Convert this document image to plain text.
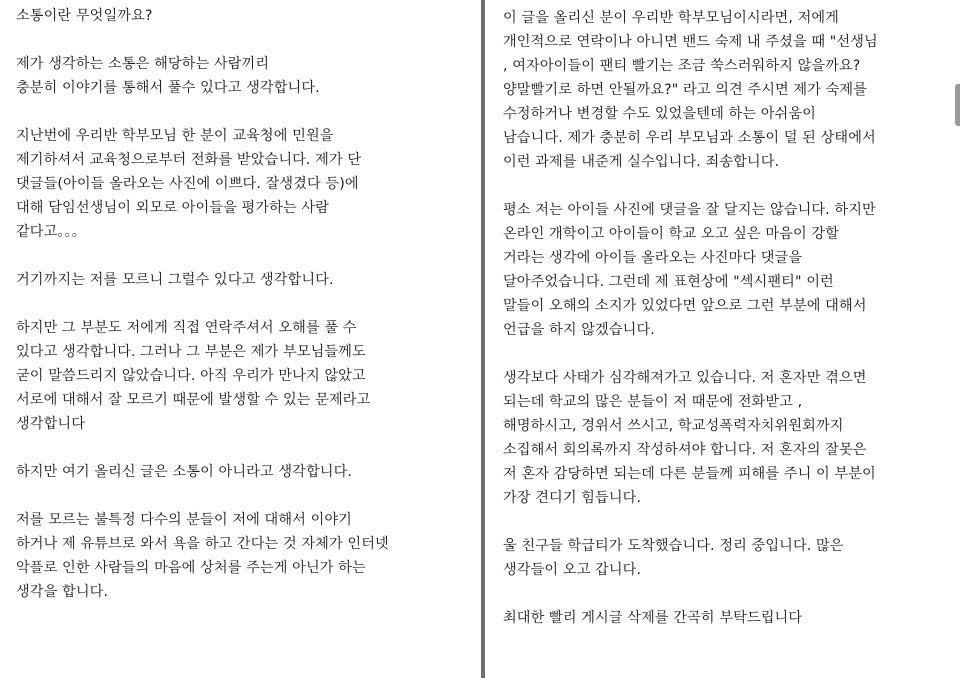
소통이란 무엇일까요?
제가 생각하는 소통은 해당하는 사람끼리
충분히 이야기를 통해서 풀수 있다고 생각합니다.
지난번에 우리반 학부모님 한 분이 교육청에 민원을
제기하셔서 교육청으로부터 전화를 받았습니다. 제가 단
댓글들(아이들 올라오는 사진에 이쁘다. 잘생겼다 등)에
대해 담임선생님이 외모로 아이들을 평가하는 사람
같다고。。。
거기까지는 저를 모르니 그럴수 있다고 생각합니다.
하지만 그 부분도 저에게 직접 연락주셔서 오해를 풀 수
있다고 생각합니다. 그러나 그 부분은 제가 부모님들께도
굳이 말씀드리지 않았습니다. 아직 우리가 만나지 않았고
서로에 대해서 잘 모르기 때문에 발생할 수 있는 문제라고
생각합니다
하지만 여기 올리신 글은 소통이 아니라고 생각합니다.
저를 모르는 불특정 다수의 분들이 저에 대해서 이야기
하거나 제 유튜브로 와서 욕을 하고 간다는 것 자체가 인터넷
악플로 인한 사람들의 마음에 상처를 주는게 아닌가 하는
생각을 합니다.
이 글을 올리신 분이 우리반 학부모님이시라면, 저에게
개인적으로 연락이나 아니면 밴드 숙제 내 주셨을 때 "선생님
, 여자아이들이 팬티 빨기는 조금 쑥스러워하지 않을까요?
양말빨기로 하면 안될까요?" 라고 의견 주시면 제가 숙제를
수정하거나 변경할 수도 있었을텐데 하는 아쉬움이
남습니다. 제가 충분히 우리 부모님과 소통이 덜 된 상태에서
이런 과제를 내준게 실수입니다. 죄송합니다.
평소 저는 아이들 사진에 댓글을 잘 달지는 않습니다. 하지만
온라인 개학이고 아이들이 학교 오고 싶은 마음이 강할
거라는 생각에 아이들 올라오는 사진마다 댓글을
달아주었습니다. 그런데 제 표현상에 "섹시팬티" 이런
말들이 오해의 소지가 있었다면 앞으로 그런 부분에 대해서
언급을 하지 않겠습니다.
생각보다 사태가 심각해져가고 있습니다. 저 혼자만 겪으면
되는데 학교의 많은 분들이 저 때문에 전화받고 ,
해명하시고, 경위서 쓰시고, 학교성폭력자치위원회까지
소집해서 회의록까지 작성하셔야 합니다. 저 혼자의 잘못은
저 혼자 감당하면 되는데 다른 분들께 피해를 주니 이 부분이
가장 견디기 힘듭니다.
울 친구들 학급티가 도착했습니다. 정리 중입니다. 많은
생각들이 오고 갑니다.
최대한 빨리 게시글 삭제를 간곡히 부탁드립니다
